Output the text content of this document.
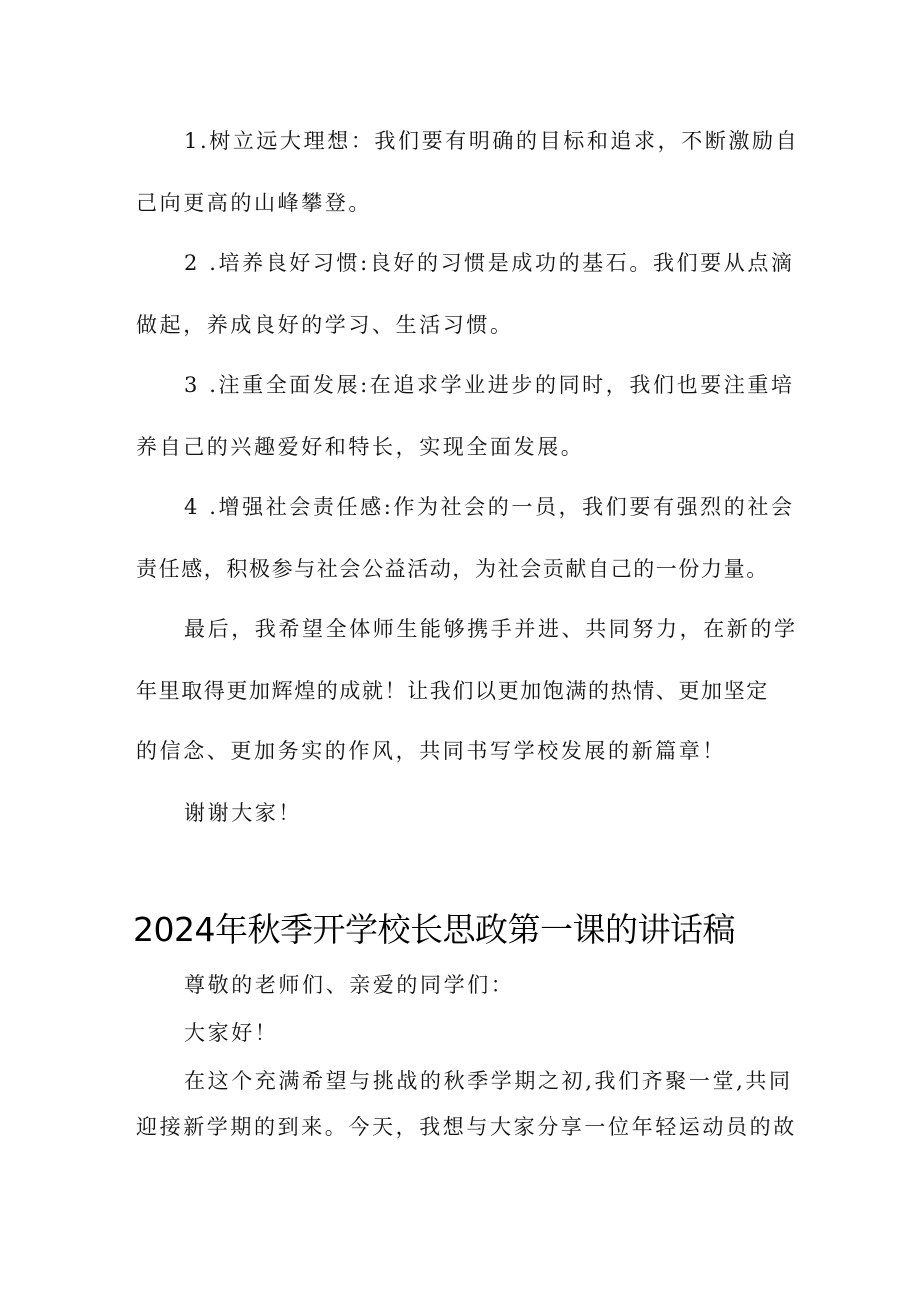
1.树立远大理想：我们要有明确的目标和追求，不断激励自
己向更高的山峰攀登。
2 .培养良好习惯:良好的习惯是成功的基石。我们要从点滴
做起，养成良好的学习、生活习惯。
3 .注重全面发展:在追求学业进步的同时，我们也要注重培
养自己的兴趣爱好和特长，实现全面发展。
4 .增强社会责任感:作为社会的一员，我们要有强烈的社会
责任感，积极参与社会公益活动，为社会贡献自己的一份力量。
最后，我希望全体师生能够携手并进、共同努力，在新的学
年里取得更加辉煌的成就！让我们以更加饱满的热情、更加坚定
的信念、更加务实的作风，共同书写学校发展的新篇章！
谢谢大家！
2024年秋季开学校长思政第一课的讲话稿
尊敬的老师们、亲爱的同学们：
大家好！
在这个充满希望与挑战的秋季学期之初,我们齐聚一堂,共同
迎接新学期的到来。今天，我想与大家分享一位年轻运动员的故
